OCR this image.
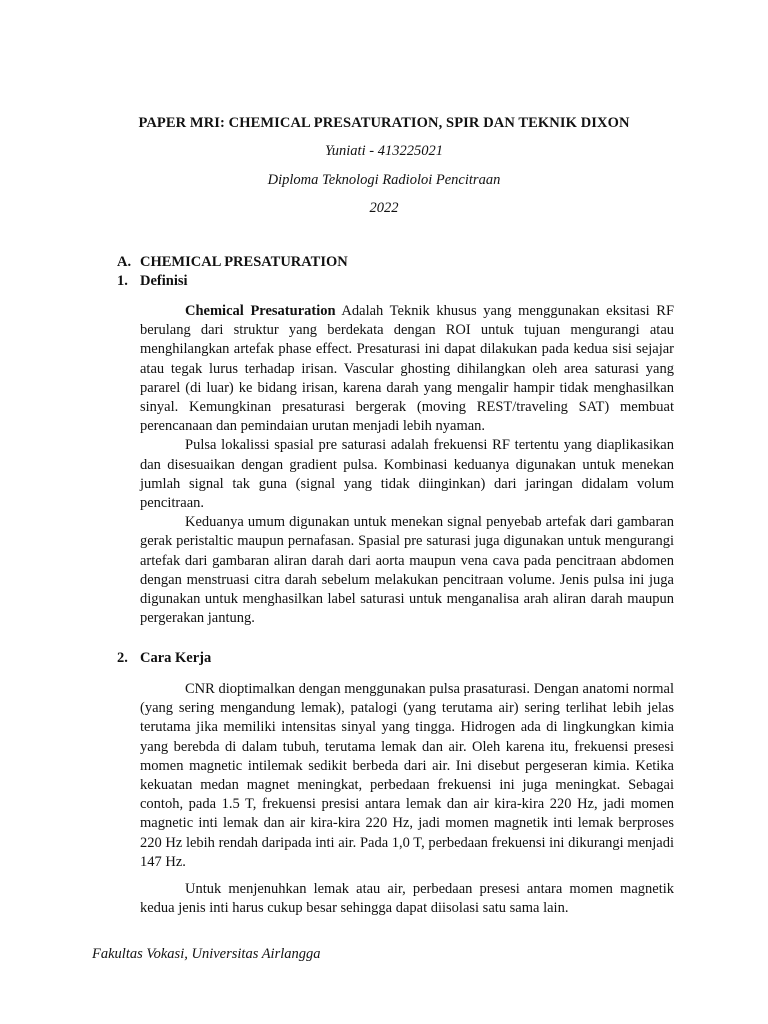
PAPER MRI: CHEMICAL PRESATURATION, SPIR DAN TEKNIK DIXON
Yuniati - 413225021
Diploma Teknologi Radioloi Pencitraan
2022
A. CHEMICAL PRESATURATION
1. Definisi

Chemical Presaturation Adalah Teknik khusus yang menggunakan eksitasi RF berulang dari struktur yang berdekata dengan ROI untuk tujuan mengurangi atau menghilangkan artefak phase effect. Presaturasi ini dapat dilakukan pada kedua sisi sejajar atau tegak lurus terhadap irisan. Vascular ghosting dihilangkan oleh area saturasi yang pararel (di luar) ke bidang irisan, karena darah yang mengalir hampir tidak menghasilkan sinyal. Kemungkinan presaturasi bergerak (moving REST/traveling SAT) membuat perencanaan dan pemindaian urutan menjadi lebih nyaman.

Pulsa lokalissi spasial pre saturasi adalah frekuensi RF tertentu yang diaplikasikan dan disesuaikan dengan gradient pulsa. Kombinasi keduanya digunakan untuk menekan jumlah signal tak guna (signal yang tidak diinginkan) dari jaringan didalam volum pencitraan.

Keduanya umum digunakan untuk menekan signal penyebab artefak dari gambaran gerak peristaltic maupun pernafasan. Spasial pre saturasi juga digunakan untuk mengurangi artefak dari gambaran aliran darah dari aorta maupun vena cava pada pencitraan abdomen dengan menstruasi citra darah sebelum melakukan pencitraan volume. Jenis pulsa ini juga digunakan untuk menghasilkan label saturasi untuk menganalisa arah aliran darah maupun pergerakan jantung.

2. Cara Kerja

CNR dioptimalkan dengan menggunakan pulsa prasaturasi. Dengan anatomi normal (yang sering mengandung lemak), patalogi (yang terutama air) sering terlihat lebih jelas terutama jika memiliki intensitas sinyal yang tingga. Hidrogen ada di lingkungkan kimia yang berebda di dalam tubuh, terutama lemak dan air. Oleh karena itu, frekuensi presesi momen magnetic intilemak sedikit berbeda dari air. Ini disebut pergeseran kimia. Ketika kekuatan medan magnet meningkat, perbedaan frekuensi ini juga meningkat. Sebagai contoh, pada 1.5 T, frekuensi presisi antara lemak dan air kira-kira 220 Hz, jadi momen magnetic inti lemak dan air kira-kira 220 Hz, jadi momen magnetik inti lemak berproses 220 Hz lebih rendah daripada inti air. Pada 1,0 T, perbedaan frekuensi ini dikurangi menjadi 147 Hz.

Untuk menjenuhkan lemak atau air, perbedaan presesi antara momen magnetik kedua jenis inti harus cukup besar sehingga dapat diisolasi satu sama lain.

Fakultas Vokasi, Universitas Airlangga
